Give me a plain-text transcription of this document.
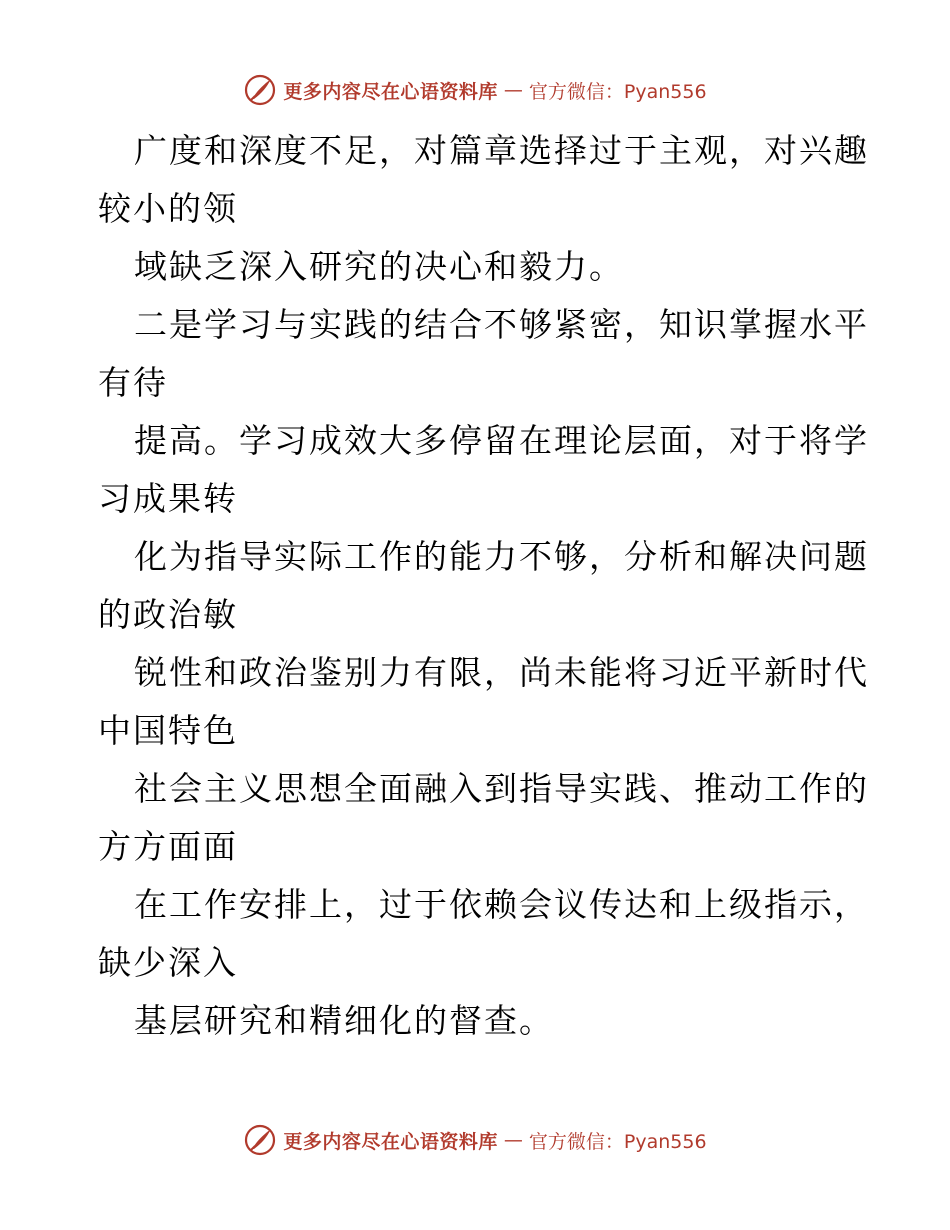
更多内容尽在心语资料库 — 官方微信：Pyan556
广度和深度不足，对篇章选择过于主观，对兴趣
较小的领
域缺乏深入研究的决心和毅力。
二是学习与实践的结合不够紧密，知识掌握水平
有待
提高。学习成效大多停留在理论层面，对于将学
习成果转
化为指导实际工作的能力不够，分析和解决问题
的政治敏
锐性和政治鉴别力有限，尚未能将习近平新时代
中国特色
社会主义思想全面融入到指导实践、推动工作的
方方面面
在工作安排上，过于依赖会议传达和上级指示，
缺少深入
基层研究和精细化的督查。
更多内容尽在心语资料库 — 官方微信：Pyan556
